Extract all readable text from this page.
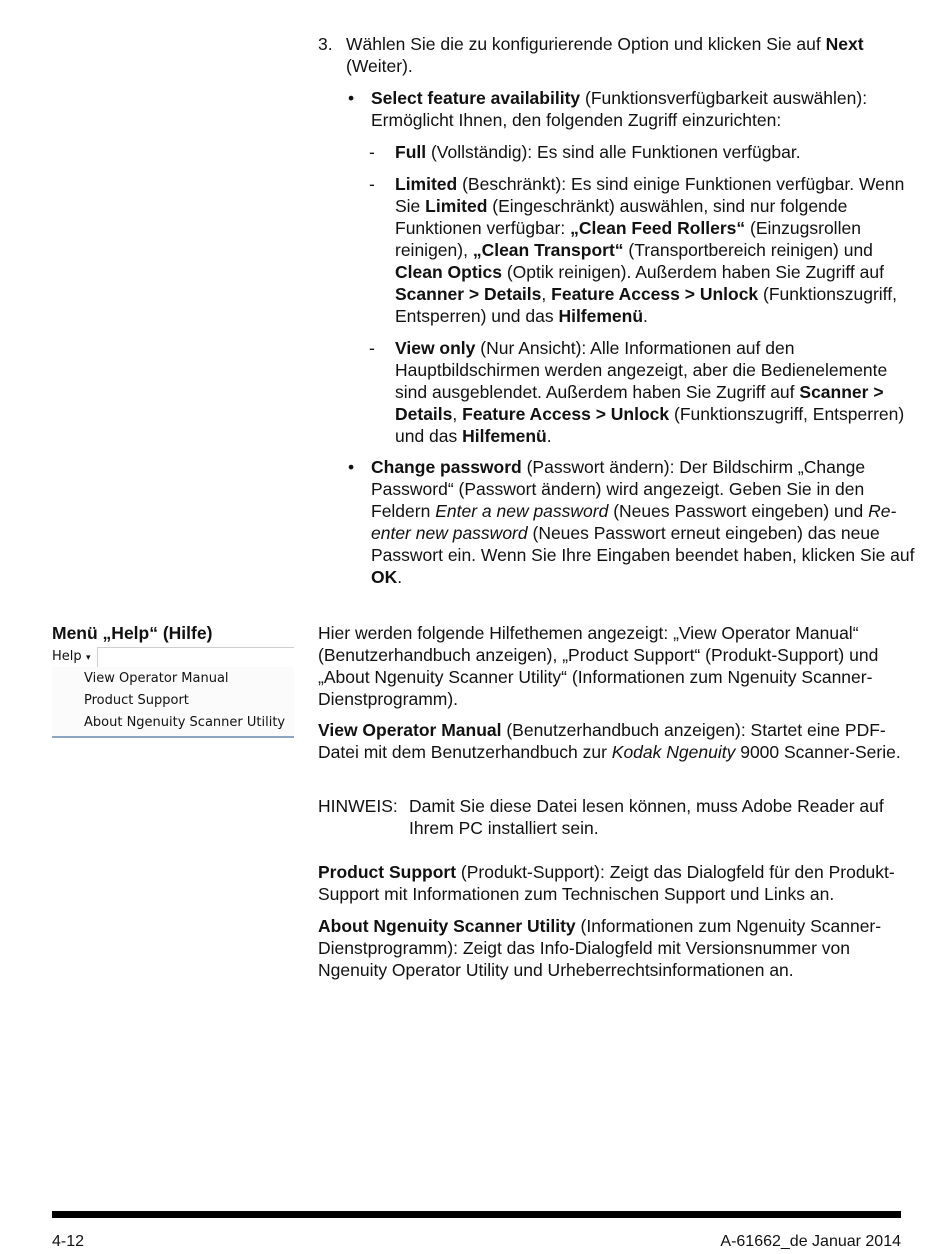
3. Wählen Sie die zu konfigurierende Option und klicken Sie auf Next (Weiter).

• Select feature availability (Funktionsverfügbarkeit auswählen): Ermöglicht Ihnen, den folgenden Zugriff einzurichten:

- Full (Vollständig): Es sind alle Funktionen verfügbar.

- Limited (Beschränkt): Es sind einige Funktionen verfügbar. Wenn Sie Limited (Eingeschränkt) auswählen, sind nur folgende Funktionen verfügbar: „Clean Feed Rollers“ (Einzugsrollen reinigen), „Clean Transport“ (Transportbereich reinigen) und Clean Optics (Optik reinigen). Außerdem haben Sie Zugriff auf Scanner > Details, Feature Access > Unlock (Funktionszugriff, Entsperren) und das Hilfemenü.

- View only (Nur Ansicht): Alle Informationen auf den Hauptbildschirmen werden angezeigt, aber die Bedienelemente sind ausgeblendet. Außerdem haben Sie Zugriff auf Scanner > Details, Feature Access > Unlock (Funktionszugriff, Entsperren) und das Hilfemenü.

• Change password (Passwort ändern): Der Bildschirm „Change Password“ (Passwort ändern) wird angezeigt. Geben Sie in den Feldern Enter a new password (Neues Passwort eingeben) und Re-enter new password (Neues Passwort erneut eingeben) das neue Passwort ein. Wenn Sie Ihre Eingaben beendet haben, klicken Sie auf OK.

Menü „Help“ (Hilfe)
Help ▾
View Operator Manual
Product Support
About Ngenuity Scanner Utility

Hier werden folgende Hilfethemen angezeigt: „View Operator Manual“ (Benutzerhandbuch anzeigen), „Product Support“ (Produkt-Support) und „About Ngenuity Scanner Utility“ (Informationen zum Ngenuity Scanner-Dienstprogramm).

View Operator Manual (Benutzerhandbuch anzeigen): Startet eine PDF-Datei mit dem Benutzerhandbuch zur Kodak Ngenuity 9000 Scanner-Serie.

HINWEIS: Damit Sie diese Datei lesen können, muss Adobe Reader auf Ihrem PC installiert sein.

Product Support (Produkt-Support): Zeigt das Dialogfeld für den Produkt-Support mit Informationen zum Technischen Support und Links an.

About Ngenuity Scanner Utility (Informationen zum Ngenuity Scanner-Dienstprogramm): Zeigt das Info-Dialogfeld mit Versionsnummer von Ngenuity Operator Utility und Urheberrechtsinformationen an.

4-12	A-61662_de Januar 2014
